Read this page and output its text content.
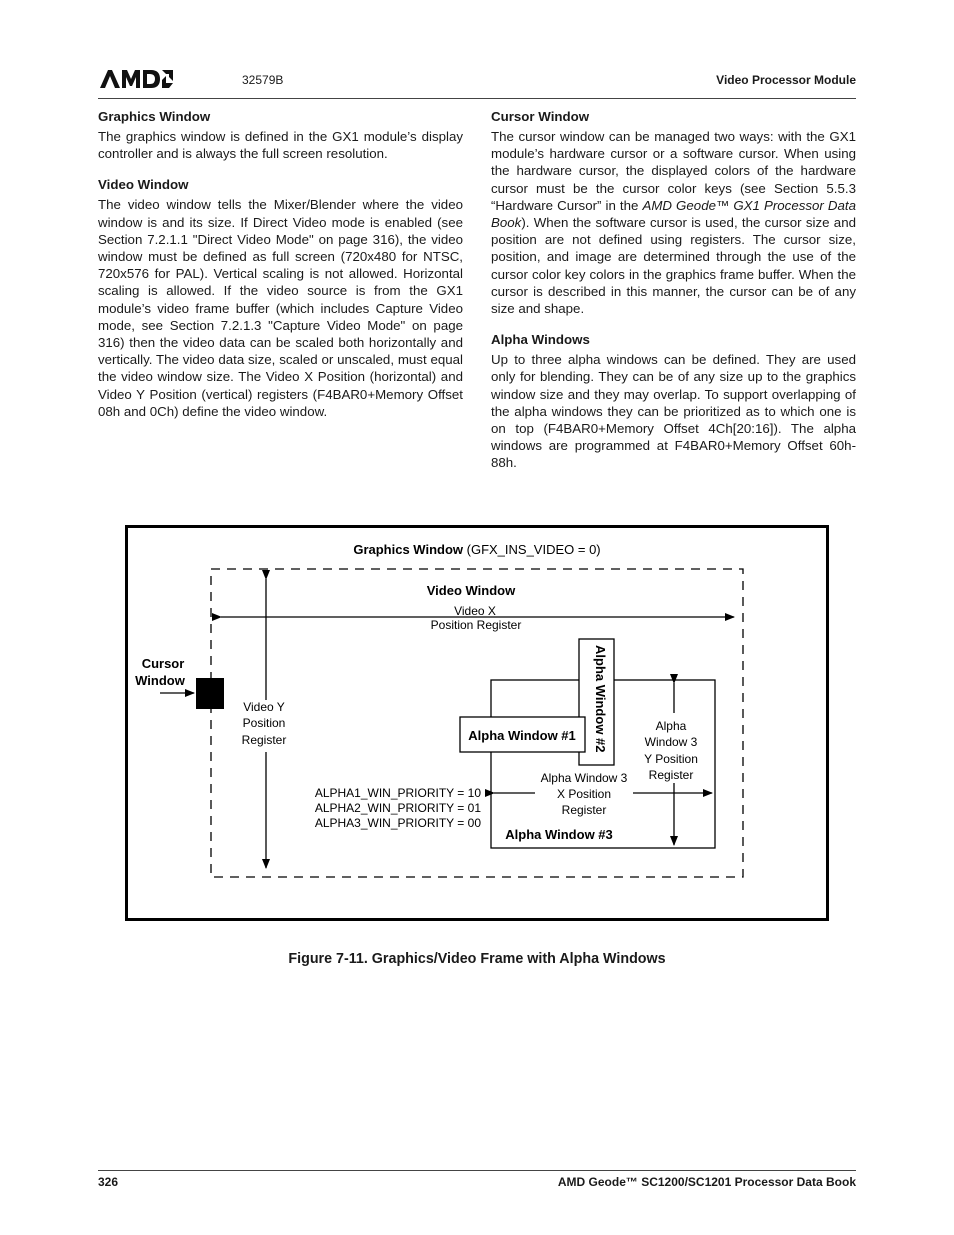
32579B	Video Processor Module
Graphics Window

The graphics window is defined in the GX1 module’s display controller and is always the full screen resolution.

Video Window

The video window tells the Mixer/Blender where the video window is and its size. If Direct Video mode is enabled (see Section 7.2.1.1 "Direct Video Mode" on page 316), the video window must be defined as full screen (720x480 for NTSC, 720x576 for PAL). Vertical scaling is not allowed. Horizontal scaling is allowed. If the video source is from the GX1 module’s video frame buffer (which includes Capture Video mode, see Section 7.2.1.3 "Capture Video Mode" on page 316) then the video data can be scaled both horizontally and vertically. The video data size, scaled or unscaled, must equal the video window size. The Video X Position (horizontal) and Video Y Position (vertical) registers (F4BAR0+Memory Offset 08h and 0Ch) define the video window.

Cursor Window

The cursor window can be managed two ways: with the GX1 module’s hardware cursor or a software cursor. When using the hardware cursor, the displayed colors of the hardware cursor must be the cursor color keys (see Section 5.5.3 “Hardware Cursor” in the AMD Geode™ GX1 Processor Data Book). When the software cursor is used, the cursor size and position are not defined using registers. The cursor size, position, and image are determined through the use of the cursor color key colors in the graphics frame buffer. When the cursor is described in this manner, the cursor can be of any size and shape.

Alpha Windows

Up to three alpha windows can be defined. They are used only for blending. They can be of any size up to the graphics window size and they may overlap. To support overlapping of the alpha windows they can be prioritized as to which one is on top (F4BAR0+Memory Offset 4Ch[20:16]). The alpha windows are programmed at F4BAR0+Memory Offset 60h-88h.

Graphics Window (GFX_INS_VIDEO = 0)
Video Window
Video X
Position Register
Video Y
Position
Register
Cursor
Window
Alpha Window #3
Alpha
Window 3
Y Position
Register
Alpha Window 3
X Position
Register
Alpha Window #2
Alpha Window #1
ALPHA1_WIN_PRIORITY = 10
ALPHA2_WIN_PRIORITY = 01
ALPHA3_WIN_PRIORITY = 00
Figure 7-11. Graphics/Video Frame with Alpha Windows
326	AMD Geode™ SC1200/SC1201 Processor Data Book
